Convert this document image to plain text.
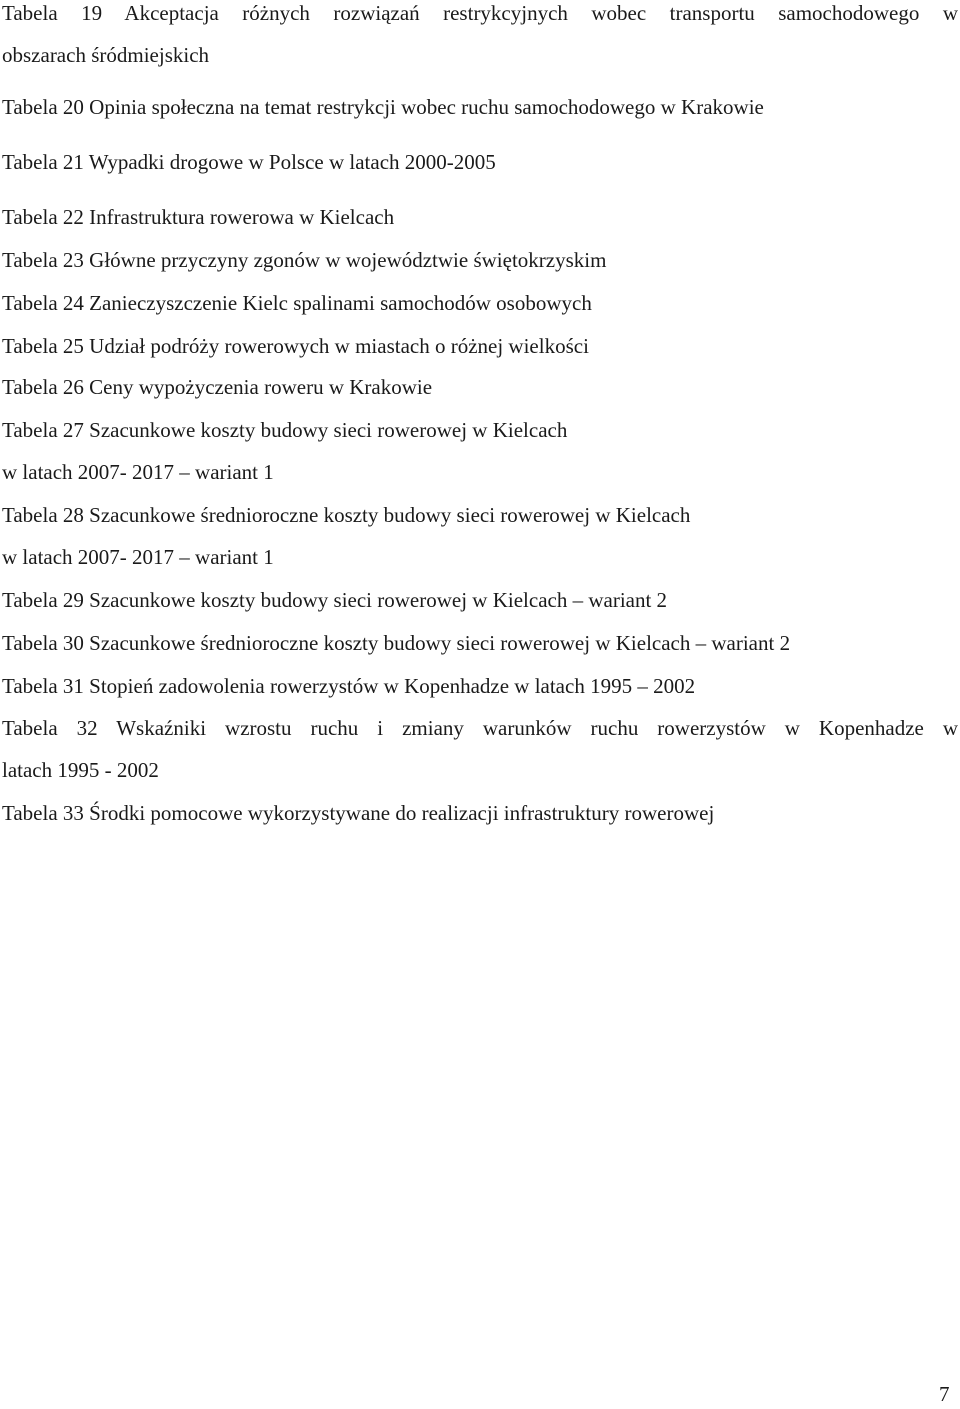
Tabela 19 Akceptacja różnych rozwiązań restrykcyjnych wobec transportu samochodowego w
obszarach śródmiejskich
Tabela 20 Opinia społeczna na temat restrykcji wobec ruchu samochodowego w Krakowie
Tabela 21 Wypadki drogowe w Polsce w latach 2000-2005
Tabela 22 Infrastruktura rowerowa w Kielcach
Tabela 23 Główne przyczyny zgonów w województwie świętokrzyskim
Tabela 24 Zanieczyszczenie Kielc spalinami samochodów osobowych
Tabela 25 Udział podróży rowerowych w miastach o różnej wielkości
Tabela 26 Ceny wypożyczenia roweru w Krakowie
Tabela 27 Szacunkowe koszty budowy sieci rowerowej w Kielcach
w latach 2007- 2017 – wariant 1
Tabela 28 Szacunkowe średnioroczne koszty budowy sieci rowerowej w Kielcach
w latach 2007- 2017 – wariant 1
Tabela 29 Szacunkowe koszty budowy sieci rowerowej w Kielcach – wariant 2
Tabela 30 Szacunkowe średnioroczne koszty budowy sieci rowerowej w Kielcach – wariant 2
Tabela 31 Stopień zadowolenia rowerzystów w Kopenhadze w latach 1995 – 2002
Tabela 32 Wskaźniki wzrostu ruchu i zmiany warunków ruchu rowerzystów w Kopenhadze w
latach 1995 - 2002
Tabela 33 Środki pomocowe wykorzystywane do realizacji infrastruktury rowerowej
7
